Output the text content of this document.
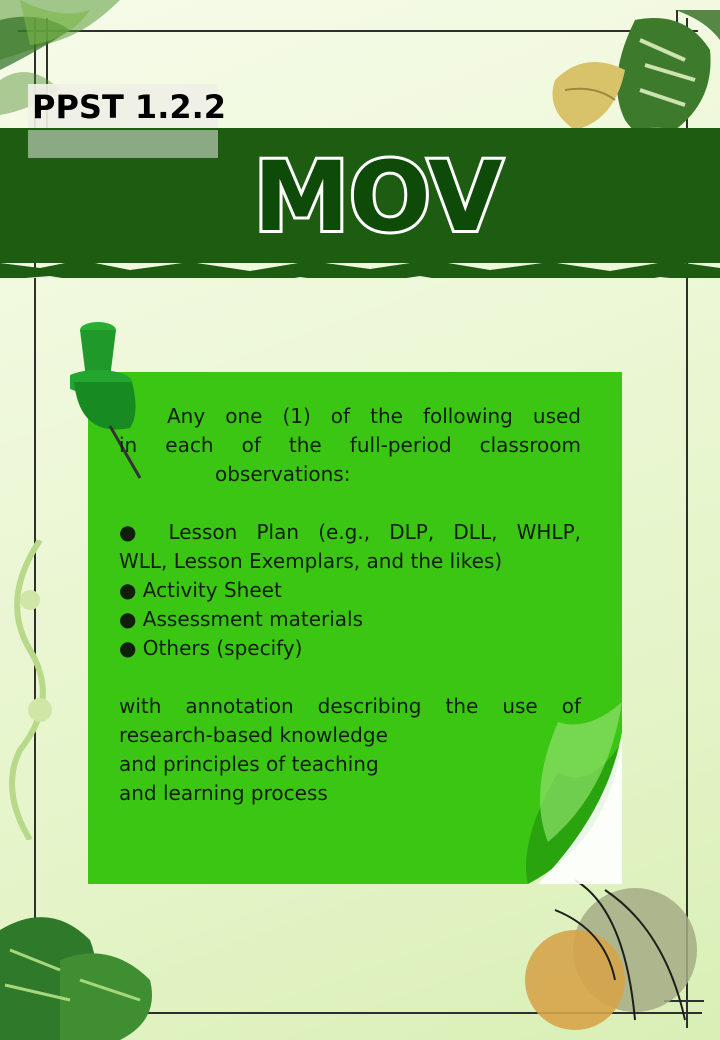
PPST 1.2.2
MOV

Any one (1) of the following used

in each of the full-period classroom

observations:

● Lesson Plan (e.g., DLP, DLL, WHLP,

WLL, Lesson Exemplars, and the likes)

● Activity Sheet

● Assessment materials

● Others (specify)

with annotation describing the use of

research-based knowledge

and principles of teaching

and learning process
